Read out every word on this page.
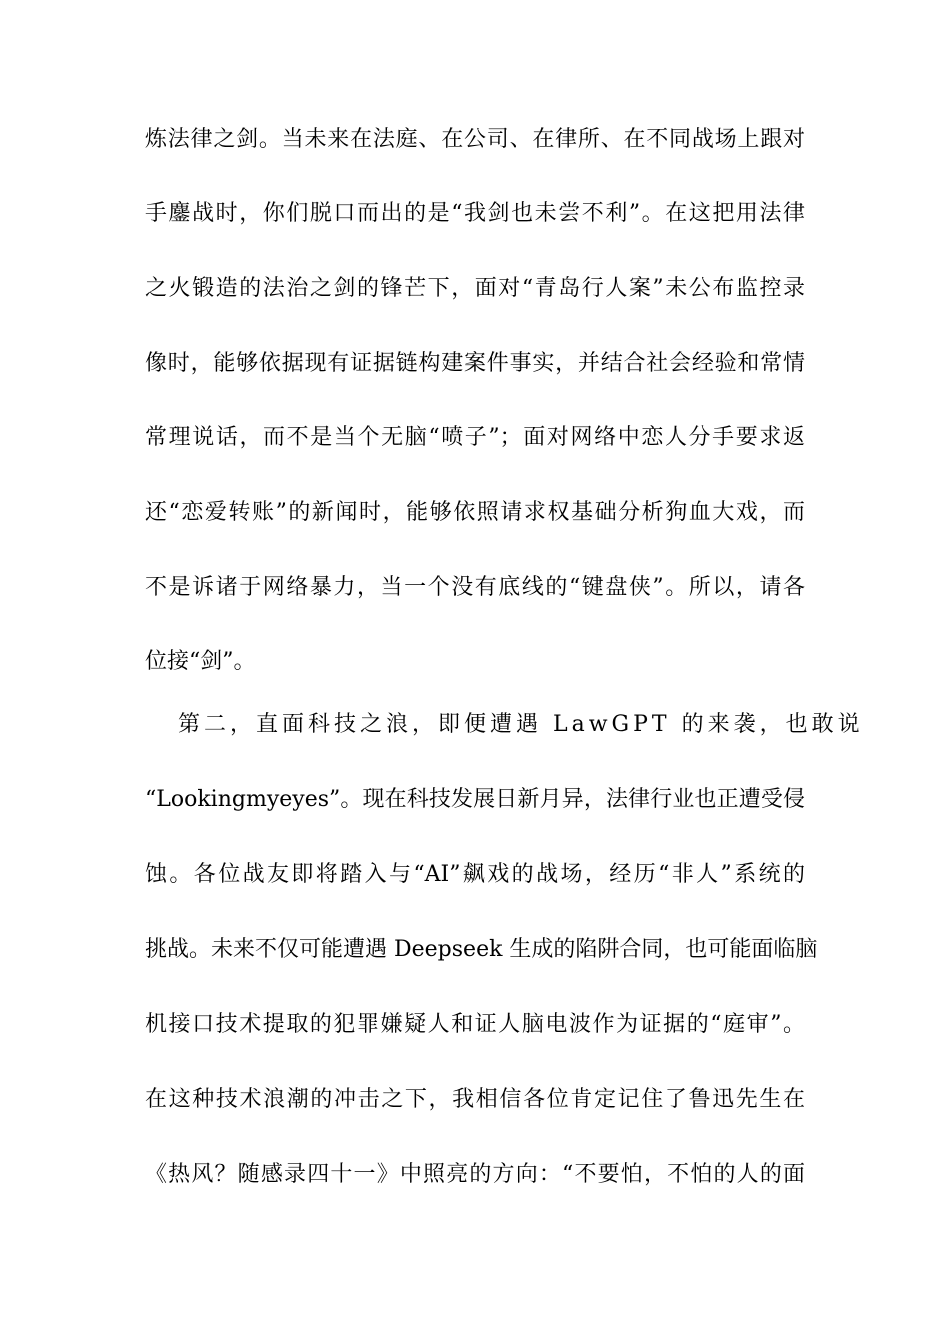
炼法律之剑。当未来在法庭、在公司、在律所、在不同战场上跟对
手鏖战时，你们脱口而出的是“我剑也未尝不利”。在这把用法律
之火锻造的法治之剑的锋芒下，面对“青岛行人案”未公布监控录
像时，能够依据现有证据链构建案件事实，并结合社会经验和常情
常理说话，而不是当个无脑“喷子”；面对网络中恋人分手要求返
还“恋爱转账”的新闻时，能够依照请求权基础分析狗血大戏，而
不是诉诸于网络暴力，当一个没有底线的“键盘侠”。所以，请各
位接“剑”。
第二，直面科技之浪，即便遭遇 LawGPT 的来袭，也敢说
“Lookingmyeyes”。现在科技发展日新月异，法律行业也正遭受侵
蚀。各位战友即将踏入与“AI”飙戏的战场，经历“非人”系统的
挑战。未来不仅可能遭遇 Deepseek 生成的陷阱合同，也可能面临脑
机接口技术提取的犯罪嫌疑人和证人脑电波作为证据的“庭审”。
在这种技术浪潮的冲击之下，我相信各位肯定记住了鲁迅先生在
《热风？随感录四十一》中照亮的方向：“不要怕，不怕的人的面
